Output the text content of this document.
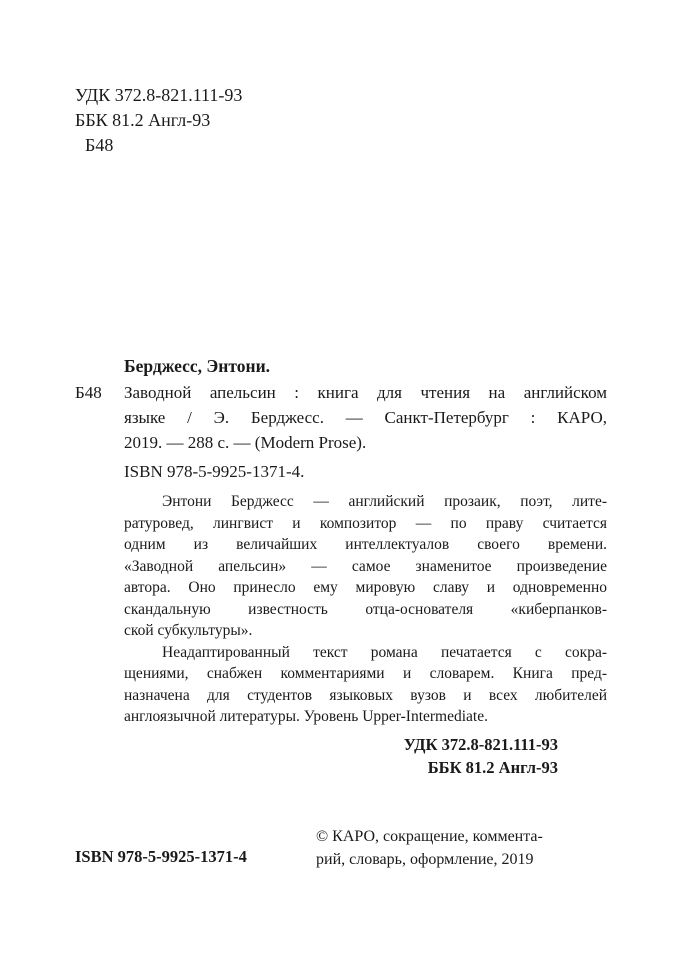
УДК 372.8-821.111-93
ББК 81.2 Англ-93
Б48
Берджесс, Энтони.
Б48 Заводной апельсин : книга для чтения на английском
языке / Э. Берджесс. — Санкт-Петербург : КАРО,
2019. — 288 с. — (Modern Prose).
ISBN 978-5-9925-1371-4.
Энтони Берджесс — английский прозаик, поэт, лите-
ратуровед, лингвист и композитор — по праву считается
одним из величайших интеллектуалов своего времени.
«Заводной апельсин» — самое знаменитое произведение
автора. Оно принесло ему мировую славу и одновременно
скандальную известность отца-основателя «киберпанков-
ской субкультуры».
Неадаптированный текст романа печатается с сокра-
щениями, снабжен комментариями и словарем. Книга пред-
назначена для студентов языковых вузов и всех любителей
англоязычной литературы. Уровень Upper-Intermediate.
УДК 372.8-821.111-93
ББК 81.2 Англ-93
ISBN 978-5-9925-1371-4
© КАРО, сокращение, коммента-
рий, словарь, оформление, 2019
